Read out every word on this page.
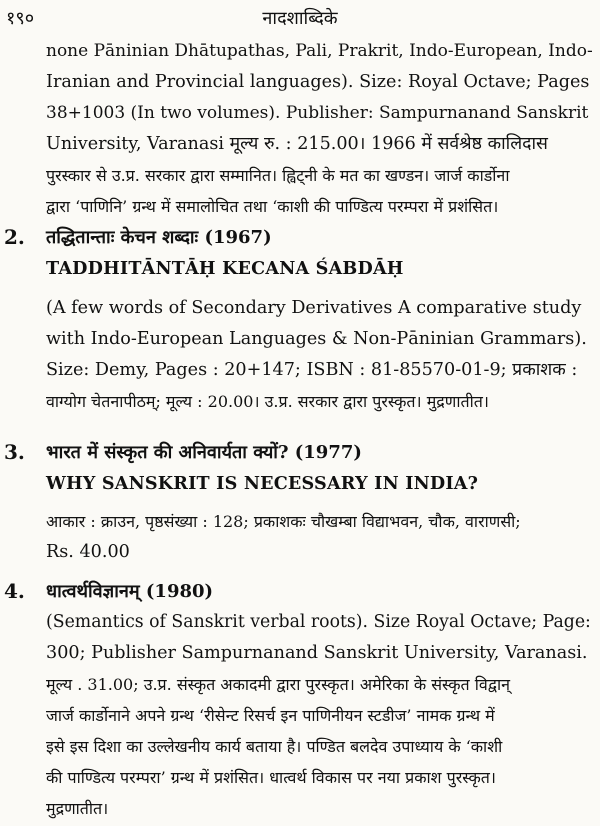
१९०	नादशाब्दिके
none Pāninian Dhātupathas, Pali, Prakrit, Indo-European, Indo-
Iranian and Provincial languages). Size: Royal Octave; Pages
38+1003 (In two volumes). Publisher: Sampurnanand Sanskrit
University, Varanasi मूल्य रु. : 215.00। 1966 में सर्वश्रेष्ठ कालिदास
पुरस्कार से उ.प्र. सरकार द्वारा सम्मानित। ह्विट्नी के मत का खण्डन। जार्ज कार्डोना
द्वारा ‘पाणिनि’ ग्रन्थ में समालोचित तथा ‘काशी की पाण्डित्य परम्परा में प्रशंसित।
2. तद्धितान्ताः केचन शब्दाः (1967)
TADDHITĀNTĀḤ KECANA ŚABDĀḤ
(A few words of Secondary Derivatives A comparative study
with Indo-European Languages & Non-Pāninian Grammars).
Size: Demy, Pages : 20+147; ISBN : 81-85570-01-9; प्रकाशक :
वाग्योग चेतनापीठम्; मूल्य : 20.00। उ.प्र. सरकार द्वारा पुरस्कृत। मुद्रणातीत।
3. भारत में संस्कृत की अनिवार्यता क्यों? (1977)
WHY SANSKRIT IS NECESSARY IN INDIA?
आकार : क्राउन, पृष्ठसंख्या : 128; प्रकाशकः चौखम्बा विद्याभवन, चौक, वाराणसी;
Rs. 40.00
4. धात्वर्थविज्ञानम् (1980)
(Semantics of Sanskrit verbal roots). Size Royal Octave; Page:
300; Publisher Sampurnanand Sanskrit University, Varanasi.
मूल्य . 31.00; उ.प्र. संस्कृत अकादमी द्वारा पुरस्कृत। अमेरिका के संस्कृत विद्वान्
जार्ज कार्डोनाने अपने ग्रन्थ ‘रीसेन्ट रिसर्च इन पाणिनीयन स्टडीज’ नामक ग्रन्थ में
इसे इस दिशा का उल्लेखनीय कार्य बताया है। पण्डित बलदेव उपाध्याय के ‘काशी
की पाण्डित्य परम्परा’ ग्रन्थ में प्रशंसित। धात्वर्थ विकास पर नया प्रकाश पुरस्कृत।
मुद्रणातीत।
